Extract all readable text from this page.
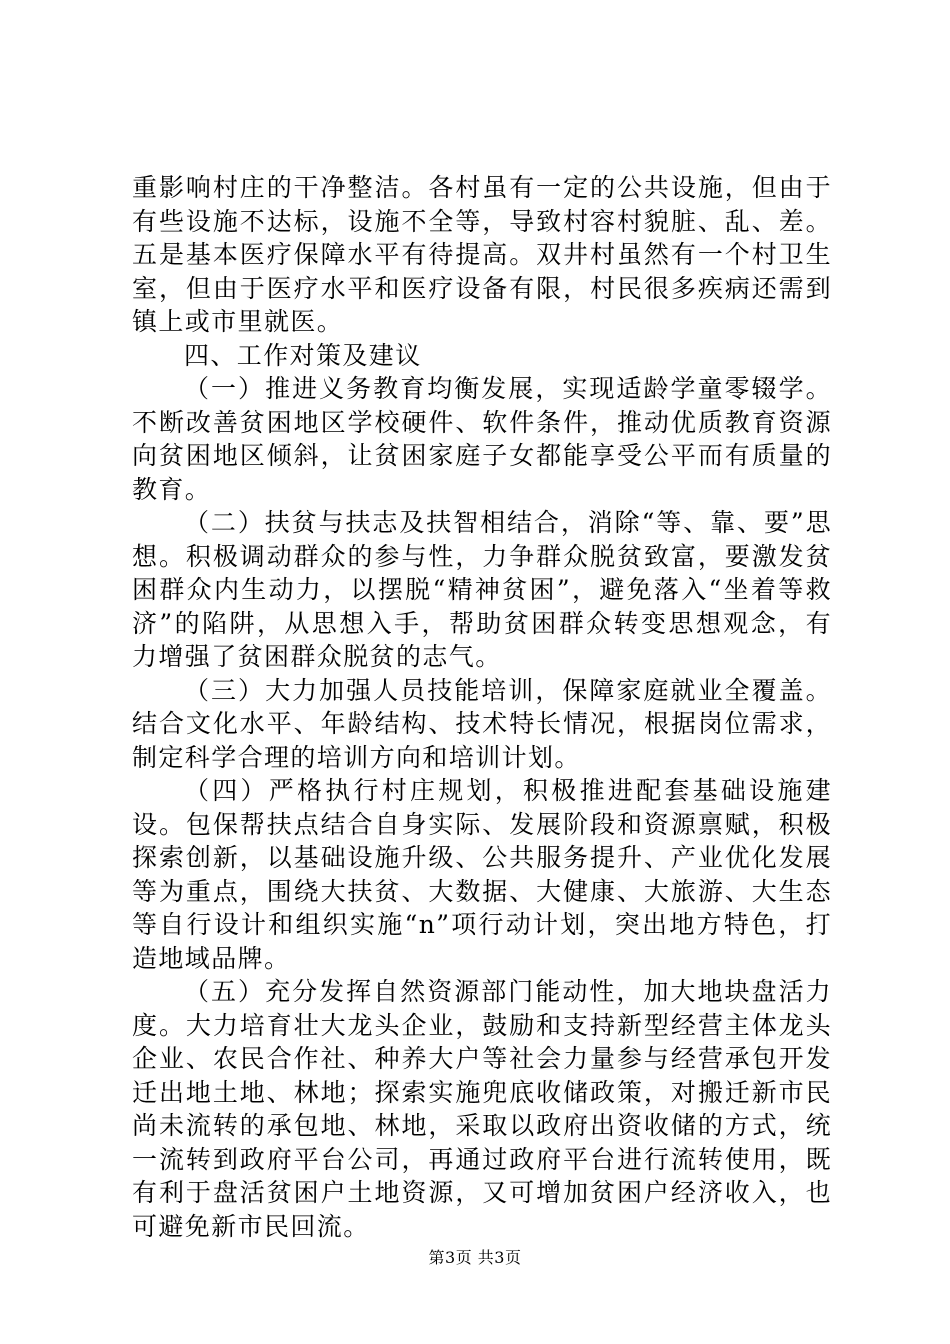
重影响村庄的干净整洁。各村虽有一定的公共设施，但由于有些设施不达标，设施不全等，导致村容村貌脏、乱、差。五是基本医疗保障水平有待提高。双井村虽然有一个村卫生室，但由于医疗水平和医疗设备有限，村民很多疾病还需到镇上或市里就医。

四、工作对策及建议

（一）推进义务教育均衡发展，实现适龄学童零辍学。不断改善贫困地区学校硬件、软件条件，推动优质教育资源向贫困地区倾斜，让贫困家庭子女都能享受公平而有质量的教育。

（二）扶贫与扶志及扶智相结合，消除“等、靠、要”思想。积极调动群众的参与性，力争群众脱贫致富，要激发贫困群众内生动力，以摆脱“精神贫困”，避免落入“坐着等救济”的陷阱，从思想入手，帮助贫困群众转变思想观念，有力增强了贫困群众脱贫的志气。

（三）大力加强人员技能培训，保障家庭就业全覆盖。结合文化水平、年龄结构、技术特长情况，根据岗位需求，制定科学合理的培训方向和培训计划。

（四）严格执行村庄规划，积极推进配套基础设施建设。包保帮扶点结合自身实际、发展阶段和资源禀赋，积极探索创新，以基础设施升级、公共服务提升、产业优化发展等为重点，围绕大扶贫、大数据、大健康、大旅游、大生态等自行设计和组织实施“n”项行动计划，突出地方特色，打造地域品牌。

（五）充分发挥自然资源部门能动性，加大地块盘活力度。大力培育壮大龙头企业，鼓励和支持新型经营主体龙头企业、农民合作社、种养大户等社会力量参与经营承包开发迁出地土地、林地；探索实施兜底收储政策，对搬迁新市民尚未流转的承包地、林地，采取以政府出资收储的方式，统一流转到政府平台公司，再通过政府平台进行流转使用，既有利于盘活贫困户土地资源，又可增加贫困户经济收入，也可避免新市民回流。

第3页 共3页
